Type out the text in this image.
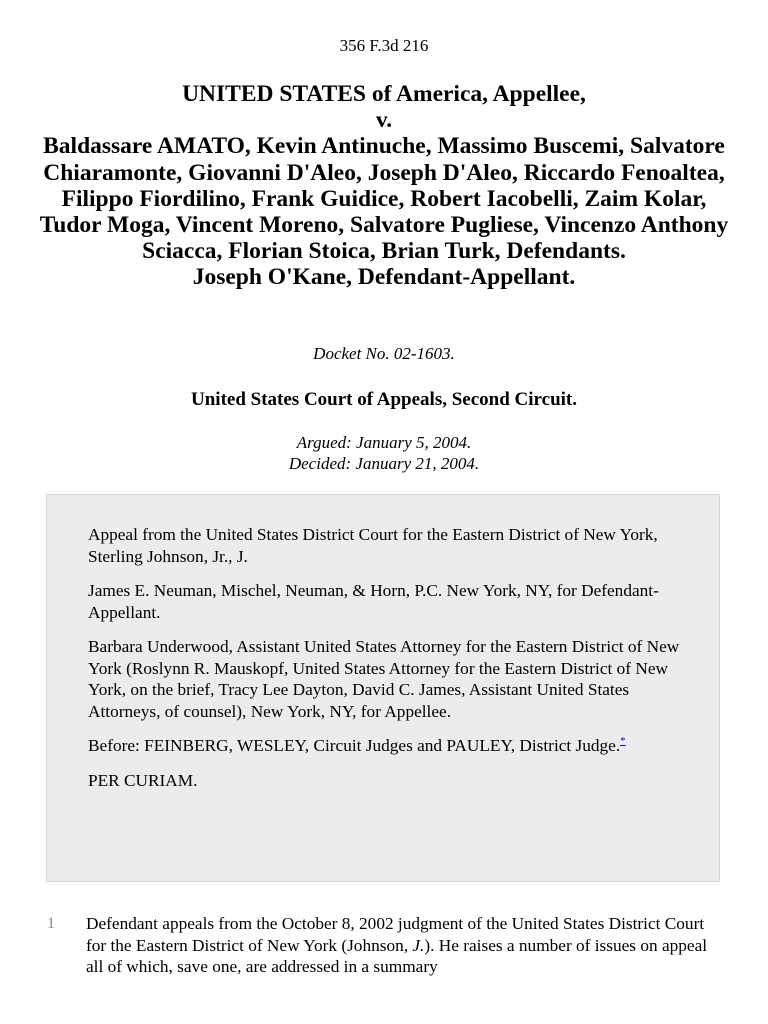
356 F.3d 216
UNITED STATES of America, Appellee,
v.
Baldassare AMATO, Kevin Antinuche, Massimo Buscemi, Salvatore Chiaramonte, Giovanni D'Aleo, Joseph D'Aleo, Riccardo Fenoaltea, Filippo Fiordilino, Frank Guidice, Robert Iacobelli, Zaim Kolar, Tudor Moga, Vincent Moreno, Salvatore Pugliese, Vincenzo Anthony Sciacca, Florian Stoica, Brian Turk, Defendants.
Joseph O'Kane, Defendant-Appellant.
Docket No. 02-1603.
United States Court of Appeals, Second Circuit.
Argued: January 5, 2004.
Decided: January 21, 2004.

Appeal from the United States District Court for the Eastern District of New York, Sterling Johnson, Jr., J.

James E. Neuman, Mischel, Neuman, & Horn, P.C. New York, NY, for Defendant-Appellant.

Barbara Underwood, Assistant United States Attorney for the Eastern District of New York (Roslynn R. Mauskopf, United States Attorney for the Eastern District of New York, on the brief, Tracy Lee Dayton, David C. James, Assistant United States Attorneys, of counsel), New York, NY, for Appellee.

Before: FEINBERG, WESLEY, Circuit Judges and PAULEY, District Judge.*

PER CURIAM.

1 Defendant appeals from the October 8, 2002 judgment of the United States District Court for the Eastern District of New York (Johnson, J.). He raises a number of issues on appeal all of which, save one, are addressed in a summary
